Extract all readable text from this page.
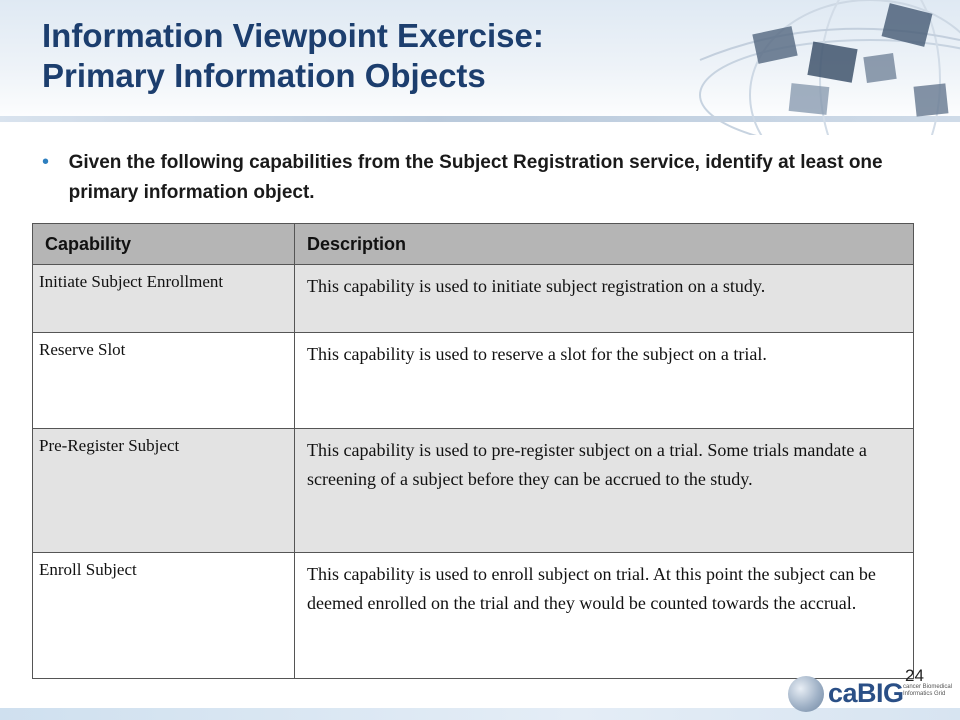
Information Viewpoint Exercise:
Primary Information Objects
•	Given the following capabilities from the Subject Registration service, identify at least one primary information object.

Capability	Description
Initiate Subject Enrollment	This capability is used to initiate subject registration on a study.
Reserve Slot	This capability is used to reserve a slot for the subject on a trial.
Pre-Register Subject	This capability is used to pre-register subject on a trial. Some trials mandate a screening of a subject before they can be accrued to the study.
Enroll Subject	This capability is used to enroll subject on trial. At this point the subject can be deemed enrolled on the trial and they would be counted towards the accrual.
24
caBIG cancer Biomedical Informatics Grid
